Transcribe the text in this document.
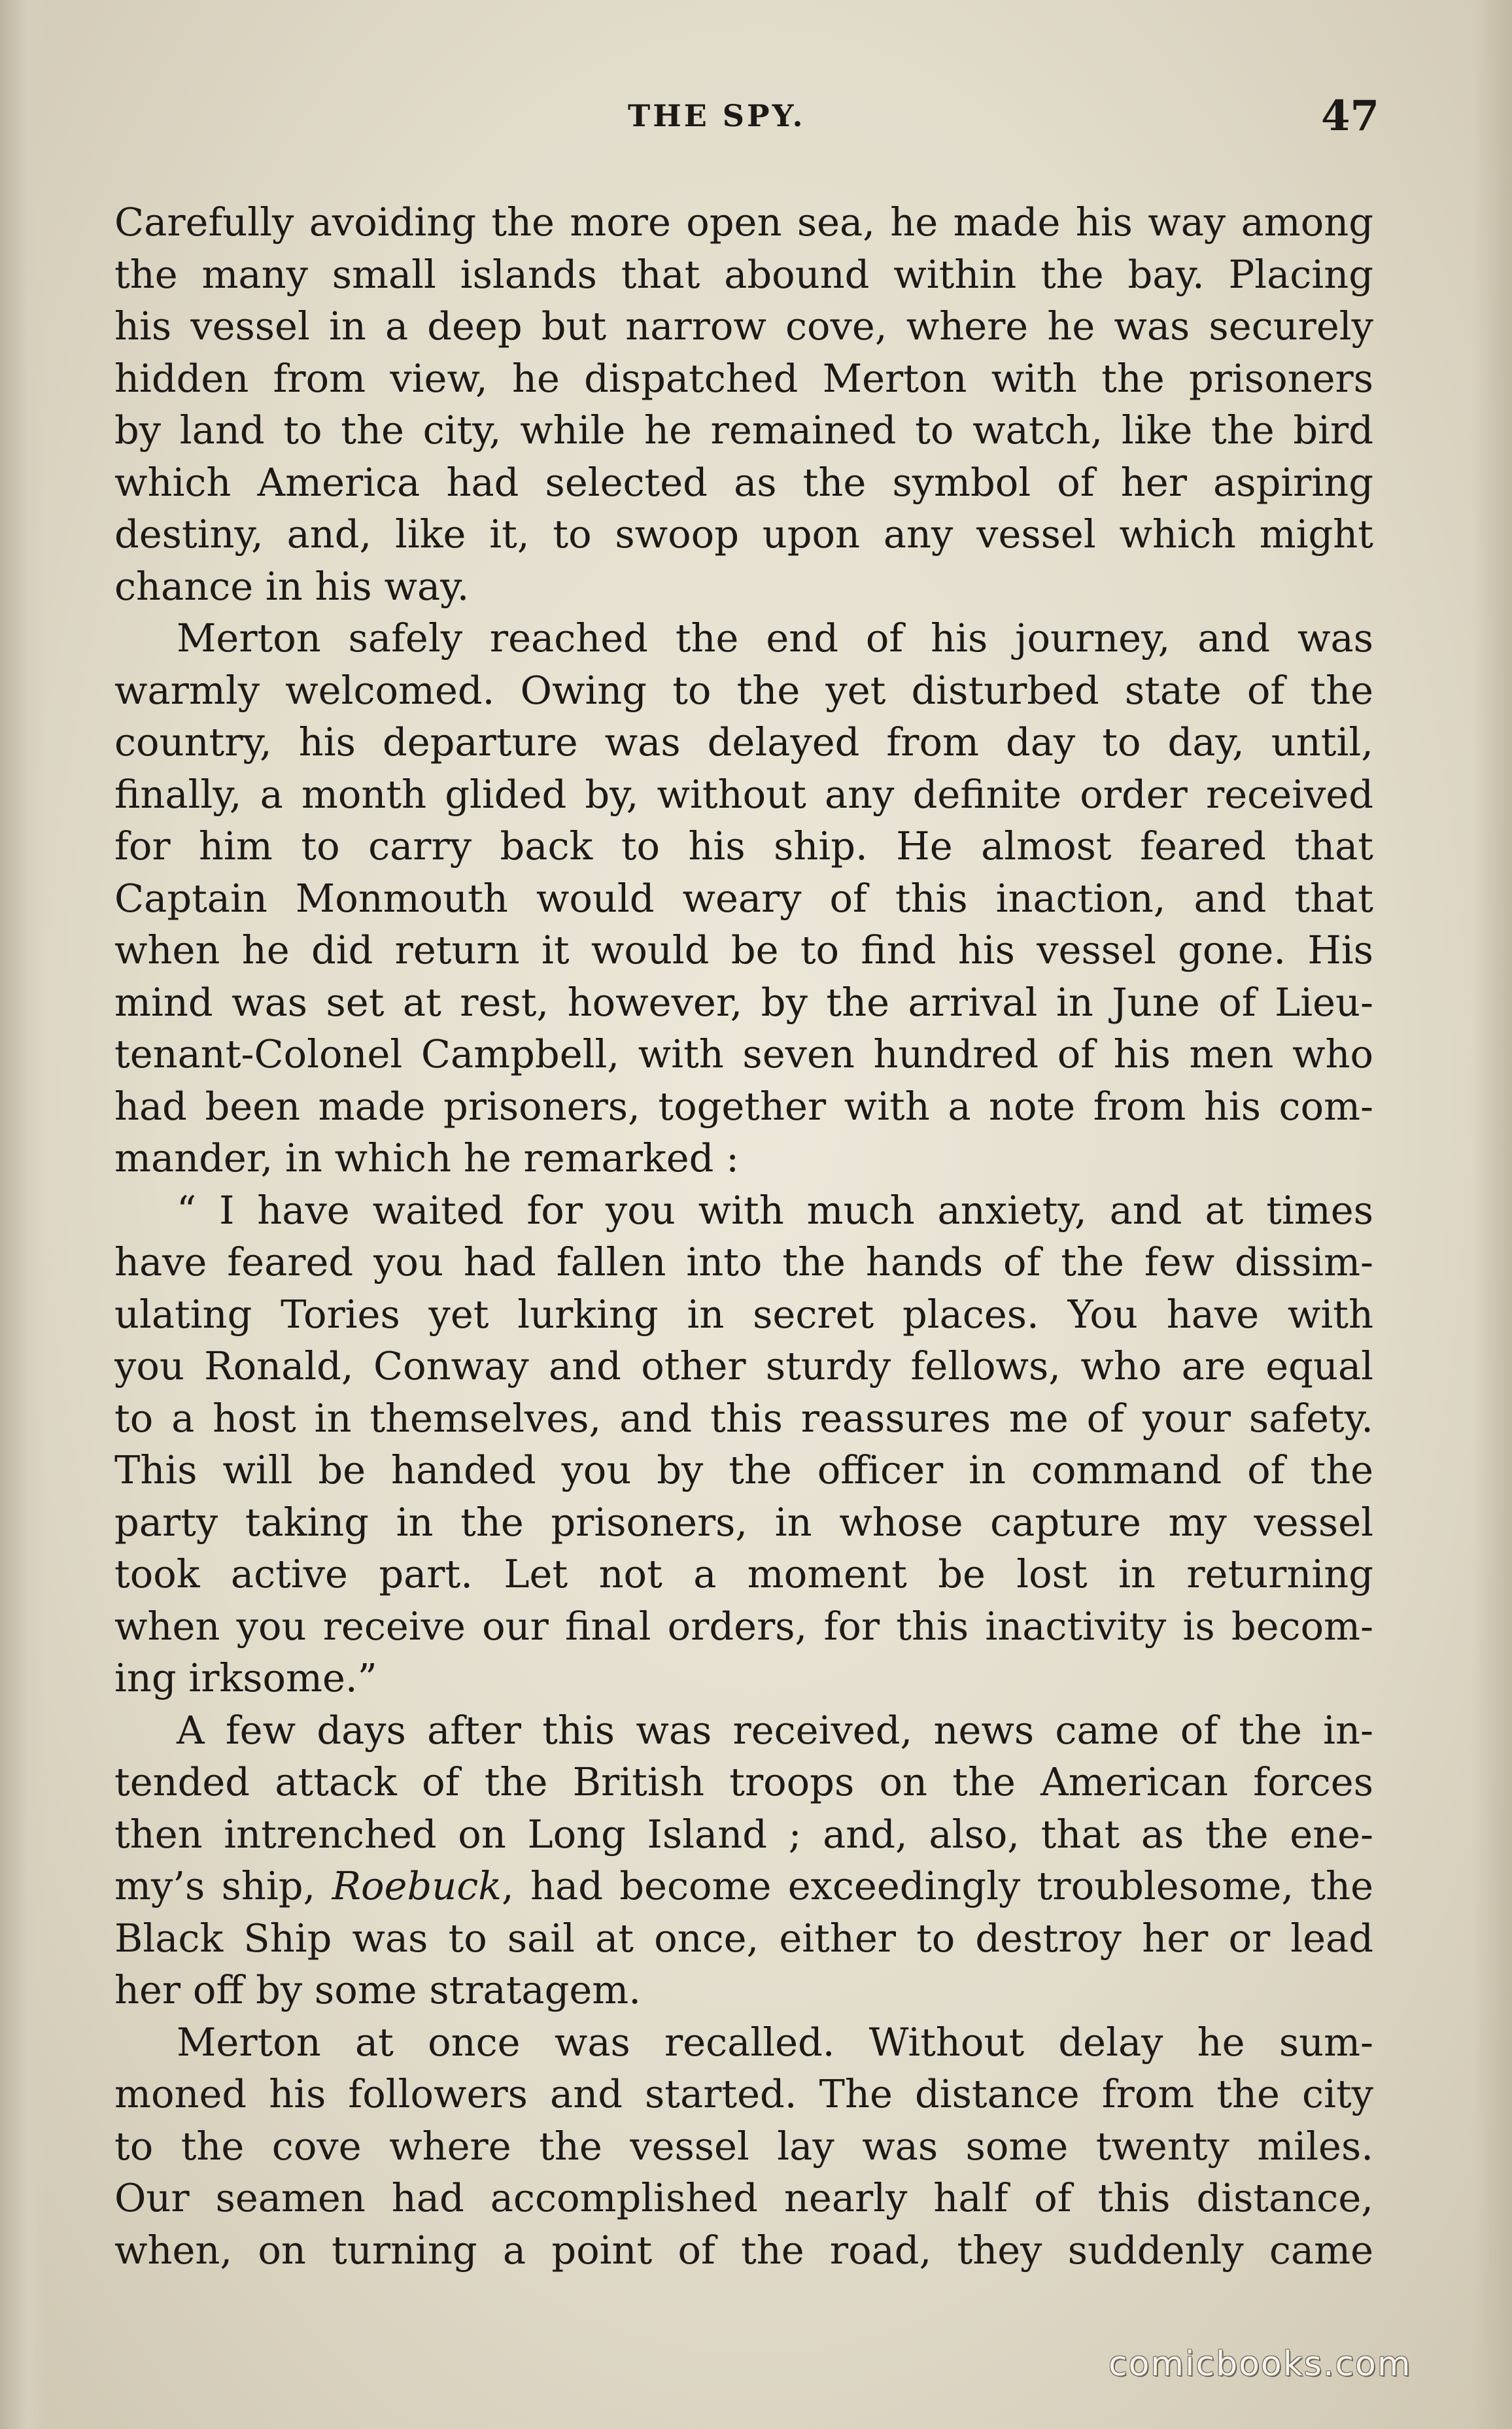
THE SPY.	47
Carefully avoiding the more open sea, he made his way among
the many small islands that abound within the bay. Placing
his vessel in a deep but narrow cove, where he was securely
hidden from view, he dispatched Merton with the prisoners
by land to the city, while he remained to watch, like the bird
which America had selected as the symbol of her aspiring
destiny, and, like it, to swoop upon any vessel which might
chance in his way.
Merton safely reached the end of his journey, and was
warmly welcomed. Owing to the yet disturbed state of the
country, his departure was delayed from day to day, until,
finally, a month glided by, without any definite order received
for him to carry back to his ship. He almost feared that
Captain Monmouth would weary of this inaction, and that
when he did return it would be to find his vessel gone. His
mind was set at rest, however, by the arrival in June of Lieu-
tenant-Colonel Campbell, with seven hundred of his men who
had been made prisoners, together with a note from his com-
mander, in which he remarked :
“ I have waited for you with much anxiety, and at times
have feared you had fallen into the hands of the few dissim-
ulating Tories yet lurking in secret places. You have with
you Ronald, Conway and other sturdy fellows, who are equal
to a host in themselves, and this reassures me of your safety.
This will be handed you by the officer in command of the
party taking in the prisoners, in whose capture my vessel
took active part. Let not a moment be lost in returning
when you receive our final orders, for this inactivity is becom-
ing irksome.”
A few days after this was received, news came of the in-
tended attack of the British troops on the American forces
then intrenched on Long Island ; and, also, that as the ene-
my’s ship, Roebuck, had become exceedingly troublesome, the
Black Ship was to sail at once, either to destroy her or lead
her off by some stratagem.
Merton at once was recalled. Without delay he sum-
moned his followers and started. The distance from the city
to the cove where the vessel lay was some twenty miles.
Our seamen had accomplished nearly half of this distance,
when, on turning a point of the road, they suddenly came
comicbooks.com
